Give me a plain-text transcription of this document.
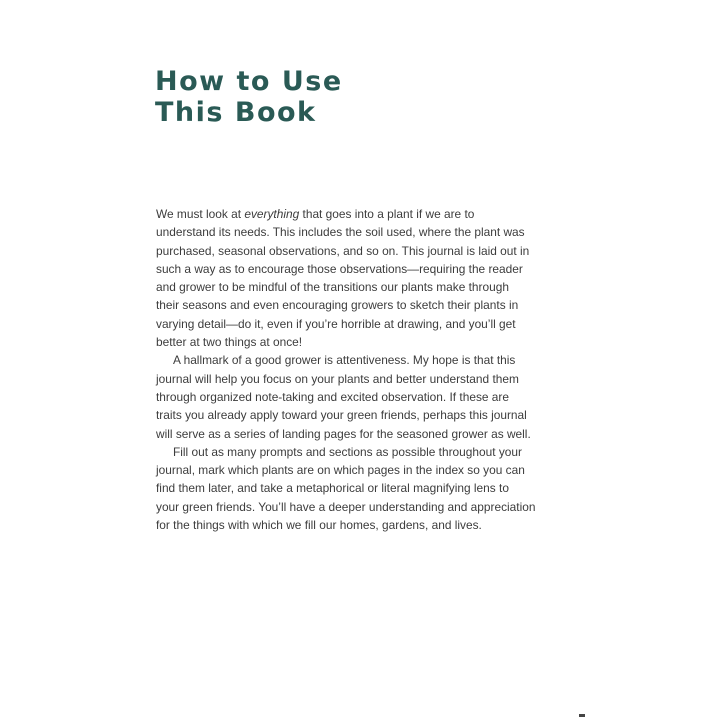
How to Use
This Book

We must look at everything that goes into a plant if we are to
understand its needs. This includes the soil used, where the plant was
purchased, seasonal observations, and so on. This journal is laid out in
such a way as to encourage those observations—requiring the reader
and grower to be mindful of the transitions our plants make through
their seasons and even encouraging growers to sketch their plants in
varying detail—do it, even if you’re horrible at drawing, and you’ll get
better at two things at once!

A hallmark of a good grower is attentiveness. My hope is that this
journal will help you focus on your plants and better understand them
through organized note-taking and excited observation. If these are
traits you already apply toward your green friends, perhaps this journal
will serve as a series of landing pages for the seasoned grower as well.

Fill out as many prompts and sections as possible throughout your
journal, mark which plants are on which pages in the index so you can
find them later, and take a metaphorical or literal magnifying lens to
your green friends. You’ll have a deeper understanding and appreciation
for the things with which we fill our homes, gardens, and lives.
